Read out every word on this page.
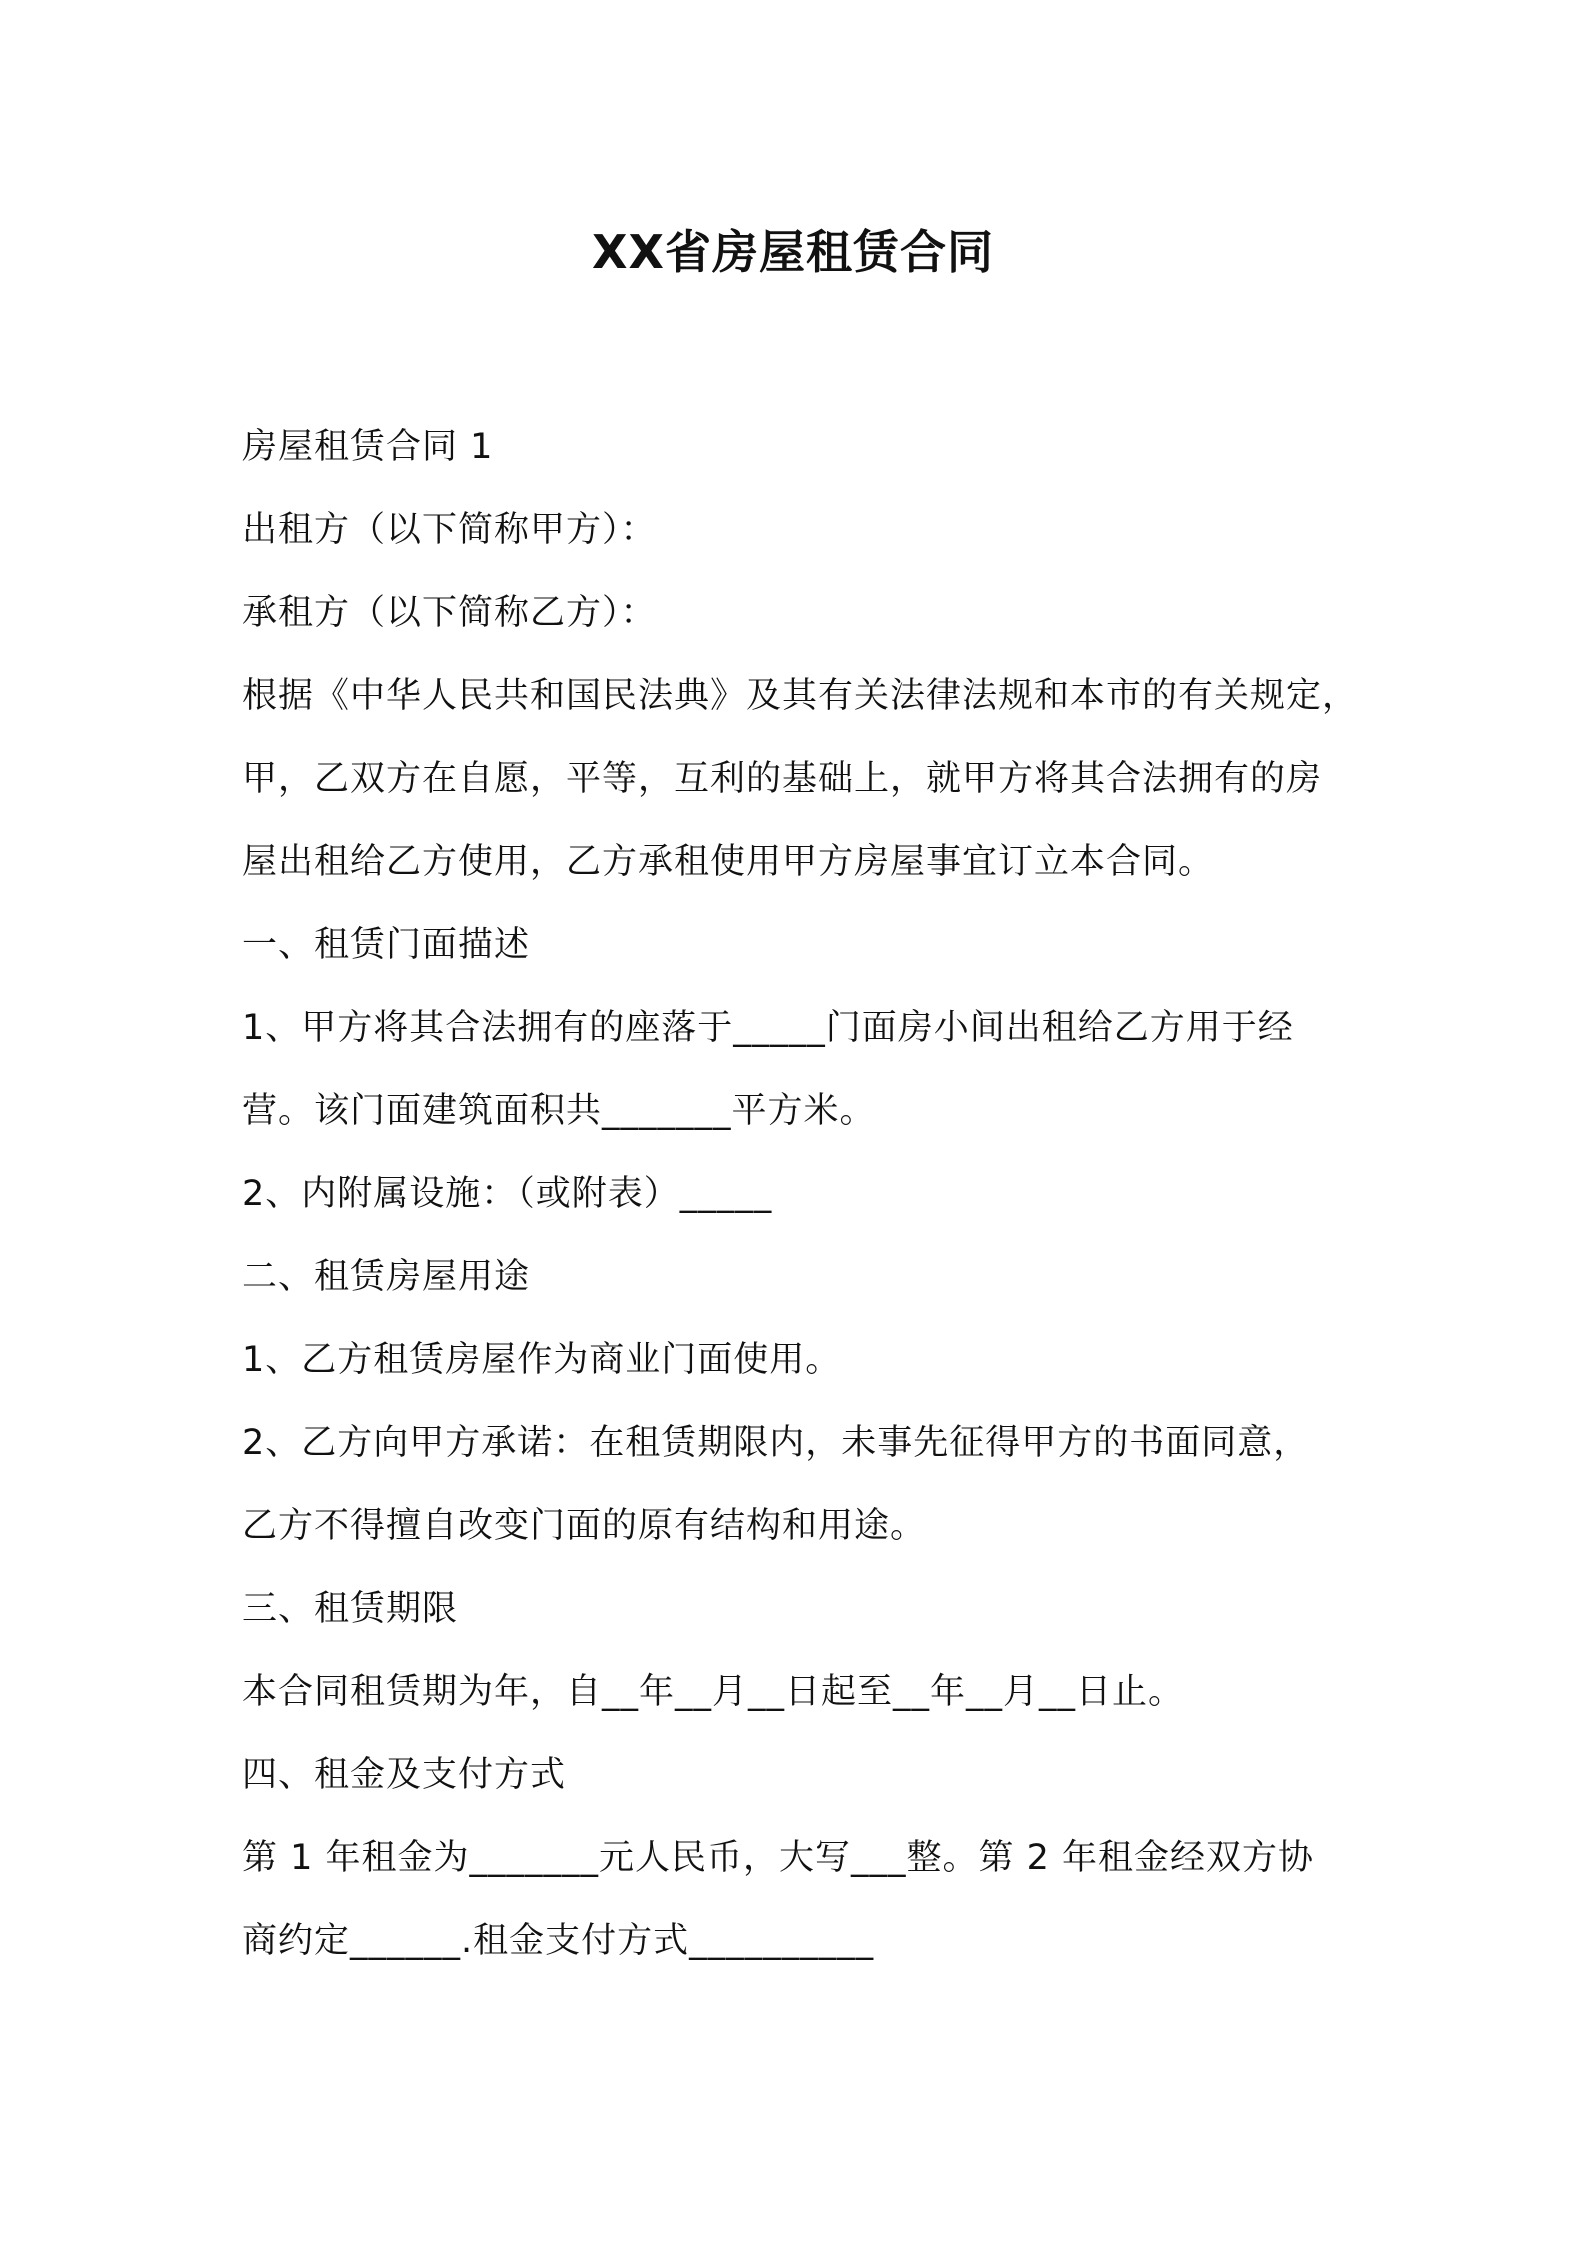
XX省房屋租赁合同
房屋租赁合同 1
出租方（以下简称甲方）：
承租方（以下简称乙方）：
根据《中华人民共和国民法典》及其有关法律法规和本市的有关规定，
甲，乙双方在自愿，平等，互利的基础上，就甲方将其合法拥有的房
屋出租给乙方使用，乙方承租使用甲方房屋事宜订立本合同。
一、租赁门面描述
1、甲方将其合法拥有的座落于_____门面房小间出租给乙方用于经
营。该门面建筑面积共_______平方米。
2、内附属设施：（或附表）_____
二、租赁房屋用途
1、乙方租赁房屋作为商业门面使用。
2、乙方向甲方承诺：在租赁期限内，未事先征得甲方的书面同意，
乙方不得擅自改变门面的原有结构和用途。
三、租赁期限
本合同租赁期为年，自__年__月__日起至__年__月__日止。
四、租金及支付方式
第 1 年租金为_______元人民币，大写___整。第 2 年租金经双方协
商约定______.租金支付方式__________
